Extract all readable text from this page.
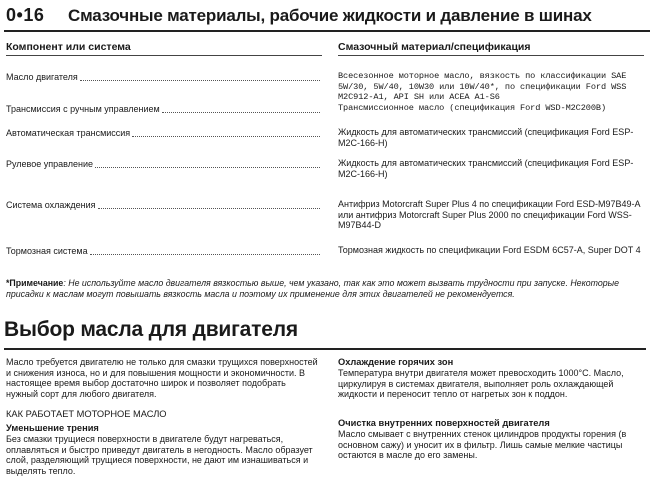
0•16 Смазочные материалы, рабочие жидкости и давление в шинах
Компонент или система	Смазочный материал/спецификация
Масло двигателя	Всесезонное моторное масло, вязкость по классификации SAE 5W/30, 5W/40, 10W30 или 10W/40*, по спецификации Ford WSS M2C912-A1, API SH или ACEA A1-S6
Трансмиссия с ручным управлением	Трансмиссионное масло (спецификация Ford WSD-M2C200B)
Автоматическая трансмиссия	Жидкость для автоматических трансмиссий (спецификация Ford ESP-M2C-166-H)
Рулевое управление	Жидкость для автоматических трансмиссий (спецификация Ford ESP-M2C-166-H)
Система охлаждения	Антифриз Motorcraft Super Plus 4 по спецификации Ford ESD-M97B49-A или антифриз Motorcraft Super Plus 2000 по спецификации Ford WSS-M97B44-D
Тормозная система	Тормозная жидкость по спецификации Ford ESDM 6C57-A, Super DOT 4
*Примечание: Не используйте масло двигателя вязкостью выше, чем указано, так как это может вызвать трудности при запуске. Некоторые присадки к маслам могут повышать вязкость масла и поэтому их применение для этих двигателей не рекомендуется.
Выбор масла для двигателя
Масло требуется двигателю не только для смазки трущихся поверхностей и снижения износа, но и для повышения мощности и экономичности. В настоящее время выбор достаточно широк и позволяет подобрать нужный сорт для любого двигателя.
КАК РАБОТАЕТ МОТОРНОЕ МАСЛО
Уменьшение трения
Без смазки трущиеся поверхности в двигателе будут нагреваться, оплавляться и быстро приведут двигатель в негодность. Масло образует слой, разделяющий трущиеся поверхности, не дают им изнашиваться и выделять тепло.
Охлаждение горячих зон
Температура внутри двигателя может превосходить 1000°С. Масло, циркулируя в системах двигателя, выполняет роль охлаждающей жидкости и переносит тепло от нагретых зон к поддон.
Очистка внутренних поверхностей двигателя
Масло смывает с внутренних стенок цилиндров продукты горения (в основном сажу) и уносит их в фильтр. Лишь самые мелкие частицы остаются в масле до его замены.
